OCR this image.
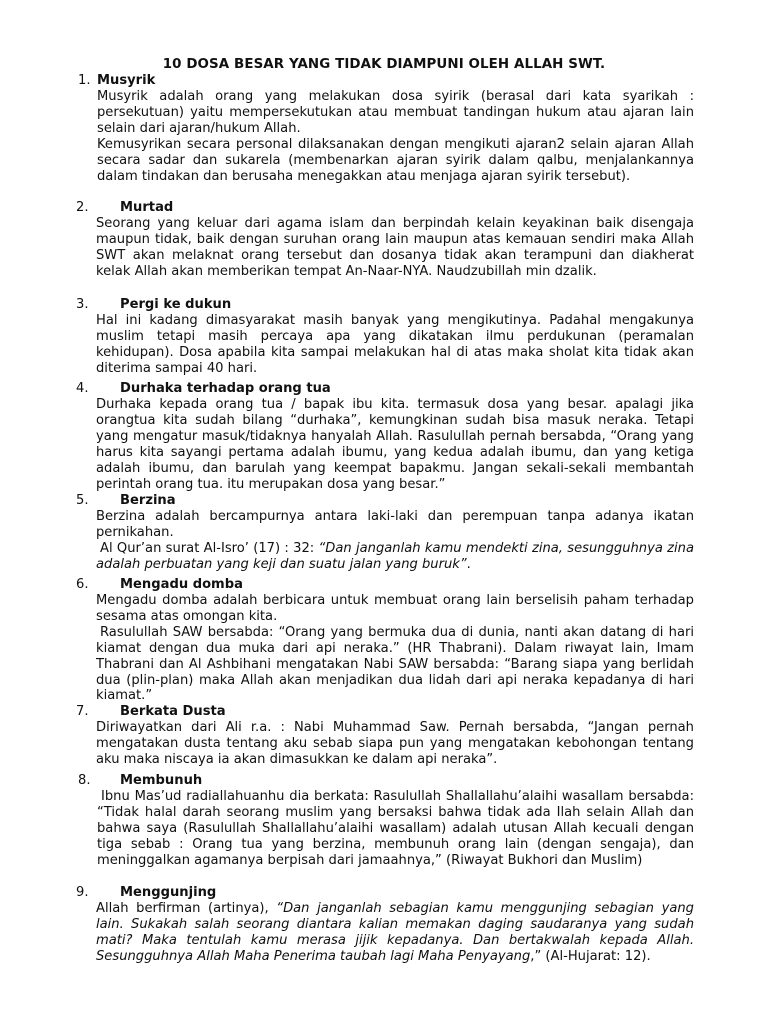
10 DOSA BESAR YANG TIDAK DIAMPUNI OLEH ALLAH SWT.
1. Musyrik

Musyrik adalah orang yang melakukan dosa syirik (berasal dari kata syarikah : persekutuan) yaitu mempersekutukan atau membuat tandingan hukum atau ajaran lain selain dari ajaran/hukum Allah.

Kemusyrikan secara personal dilaksanakan dengan mengikuti ajaran2 selain ajaran Allah secara sadar dan sukarela (membenarkan ajaran syirik dalam qalbu, menjalankannya dalam tindakan dan berusaha menegakkan atau menjaga ajaran syirik tersebut).

2. Murtad

Seorang yang keluar dari agama islam dan berpindah kelain keyakinan baik disengaja maupun tidak, baik dengan suruhan orang lain maupun atas kemauan sendiri maka Allah SWT akan melaknat orang tersebut dan dosanya tidak akan terampuni dan diakherat kelak Allah akan memberikan tempat An-Naar-NYA. Naudzubillah min dzalik.

3. Pergi ke dukun

Hal ini kadang dimasyarakat masih banyak yang mengikutinya. Padahal mengakunya muslim tetapi masih percaya apa yang dikatakan ilmu perdukunan (peramalan kehidupan). Dosa apabila kita sampai melakukan hal di atas maka sholat kita tidak akan diterima sampai 40 hari.

4. Durhaka terhadap orang tua

Durhaka kepada orang tua / bapak ibu kita. termasuk dosa yang besar. apalagi jika orangtua kita sudah bilang “durhaka”, kemungkinan sudah bisa masuk neraka. Tetapi yang mengatur masuk/tidaknya hanyalah Allah. Rasulullah pernah bersabda, “Orang yang harus kita sayangi pertama adalah ibumu, yang kedua adalah ibumu, dan yang ketiga adalah ibumu, dan barulah yang keempat bapakmu. Jangan sekali-sekali membantah perintah orang tua. itu merupakan dosa yang besar.”

5. Berzina

Berzina adalah bercampurnya antara laki-laki dan perempuan tanpa adanya ikatan pernikahan.

Al Qur’an surat Al-Isro’ (17) : 32: “Dan janganlah kamu mendekti zina, sesungguhnya zina adalah perbuatan yang keji dan suatu jalan yang buruk”.

6. Mengadu domba

Mengadu domba adalah berbicara untuk membuat orang lain berselisih paham terhadap sesama atas omongan kita.

Rasulullah SAW bersabda: “Orang yang bermuka dua di dunia, nanti akan datang di hari kiamat dengan dua muka dari api neraka.” (HR Thabrani). Dalam riwayat lain, Imam Thabrani dan Al Ashbihani mengatakan Nabi SAW bersabda: “Barang siapa yang berlidah dua (plin-plan) maka Allah akan menjadikan dua lidah dari api neraka kepadanya di hari kiamat.”

7. Berkata Dusta

Diriwayatkan dari Ali r.a. : Nabi Muhammad Saw. Pernah bersabda, “Jangan pernah mengatakan dusta tentang aku sebab siapa pun yang mengatakan kebohongan tentang aku maka niscaya ia akan dimasukkan ke dalam api neraka”.

8. Membunuh

Ibnu Mas’ud radiallahuanhu dia berkata: Rasulullah Shallallahu’alaihi wasallam bersabda: “Tidak halal darah seorang muslim yang bersaksi bahwa tidak ada Ilah selain Allah dan bahwa saya (Rasulullah Shallallahu’alaihi wasallam) adalah utusan Allah kecuali dengan tiga sebab : Orang tua yang berzina, membunuh orang lain (dengan sengaja), dan meninggalkan agamanya berpisah dari jamaahnya,” (Riwayat Bukhori dan Muslim)

9. Menggunjing

Allah berfirman (artinya), “Dan janganlah sebagian kamu menggunjing sebagian yang lain. Sukakah salah seorang diantara kalian memakan daging saudaranya yang sudah mati? Maka tentulah kamu merasa jijik kepadanya. Dan bertakwalah kepada Allah. Sesungguhnya Allah Maha Penerima taubah lagi Maha Penyayang,” (Al-Hujarat: 12).
